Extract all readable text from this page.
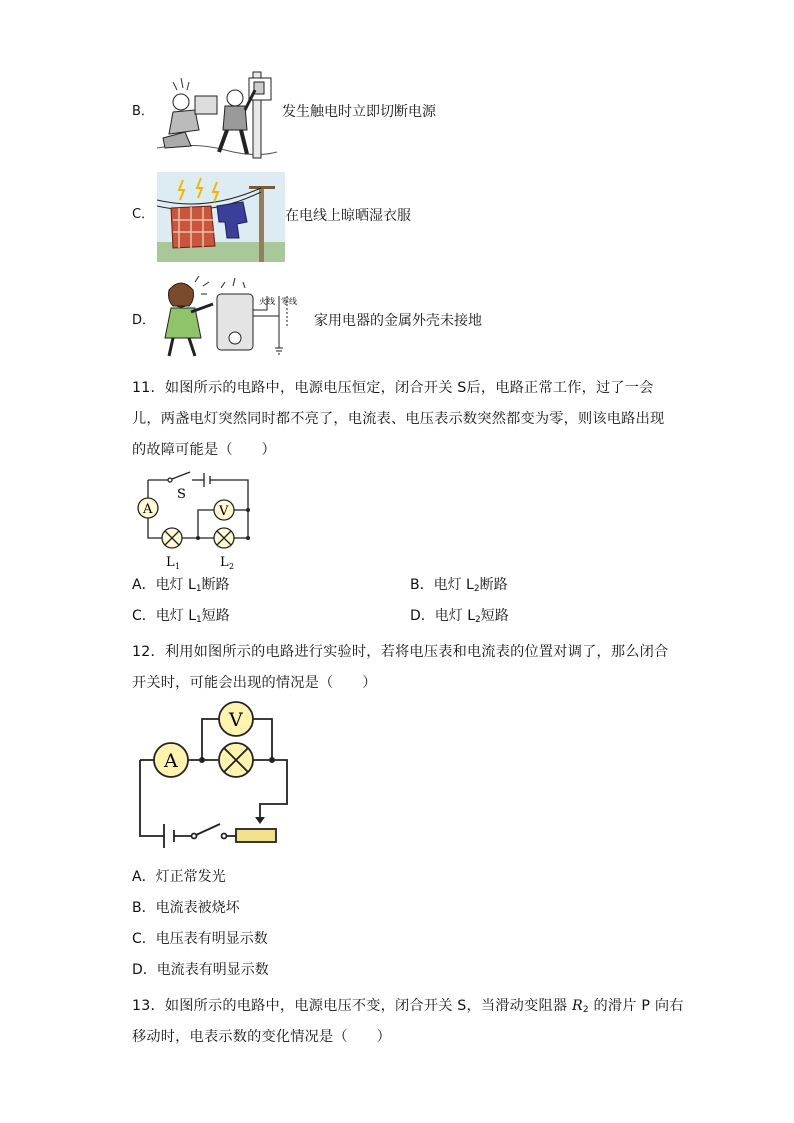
B．	发生触电时立即切断电源
C．	在电线上晾晒湿衣服
D．
火线 零线
家用电器的金属外壳未接地
11．如图所示的电路中，电源电压恒定，闭合开关 S后，电路正常工作，过了一会
儿，两盏电灯突然同时都不亮了，电流表、电压表示数突然都变为零，则该电路出现
的故障可能是（　　）
A	V
S
L 1	L 2
A．电灯 $L_1$断路	B．电灯 $L_2$断路
C．电灯 $L_1$短路	D．电灯 $L_2$短路
12．利用如图所示的电路进行实验时，若将电压表和电流表的位置对调了，那么闭合
开关时，可能会出现的情况是（　　）
A
V
A．灯正常发光
B．电流表被烧坏
C．电压表有明显示数
D．电流表有明显示数
13．如图所示的电路中，电源电压不变，闭合开关 S，当滑动变阻器 $R_2$ 的滑片 P 向右
移动时，电表示数的变化情况是（　　）
